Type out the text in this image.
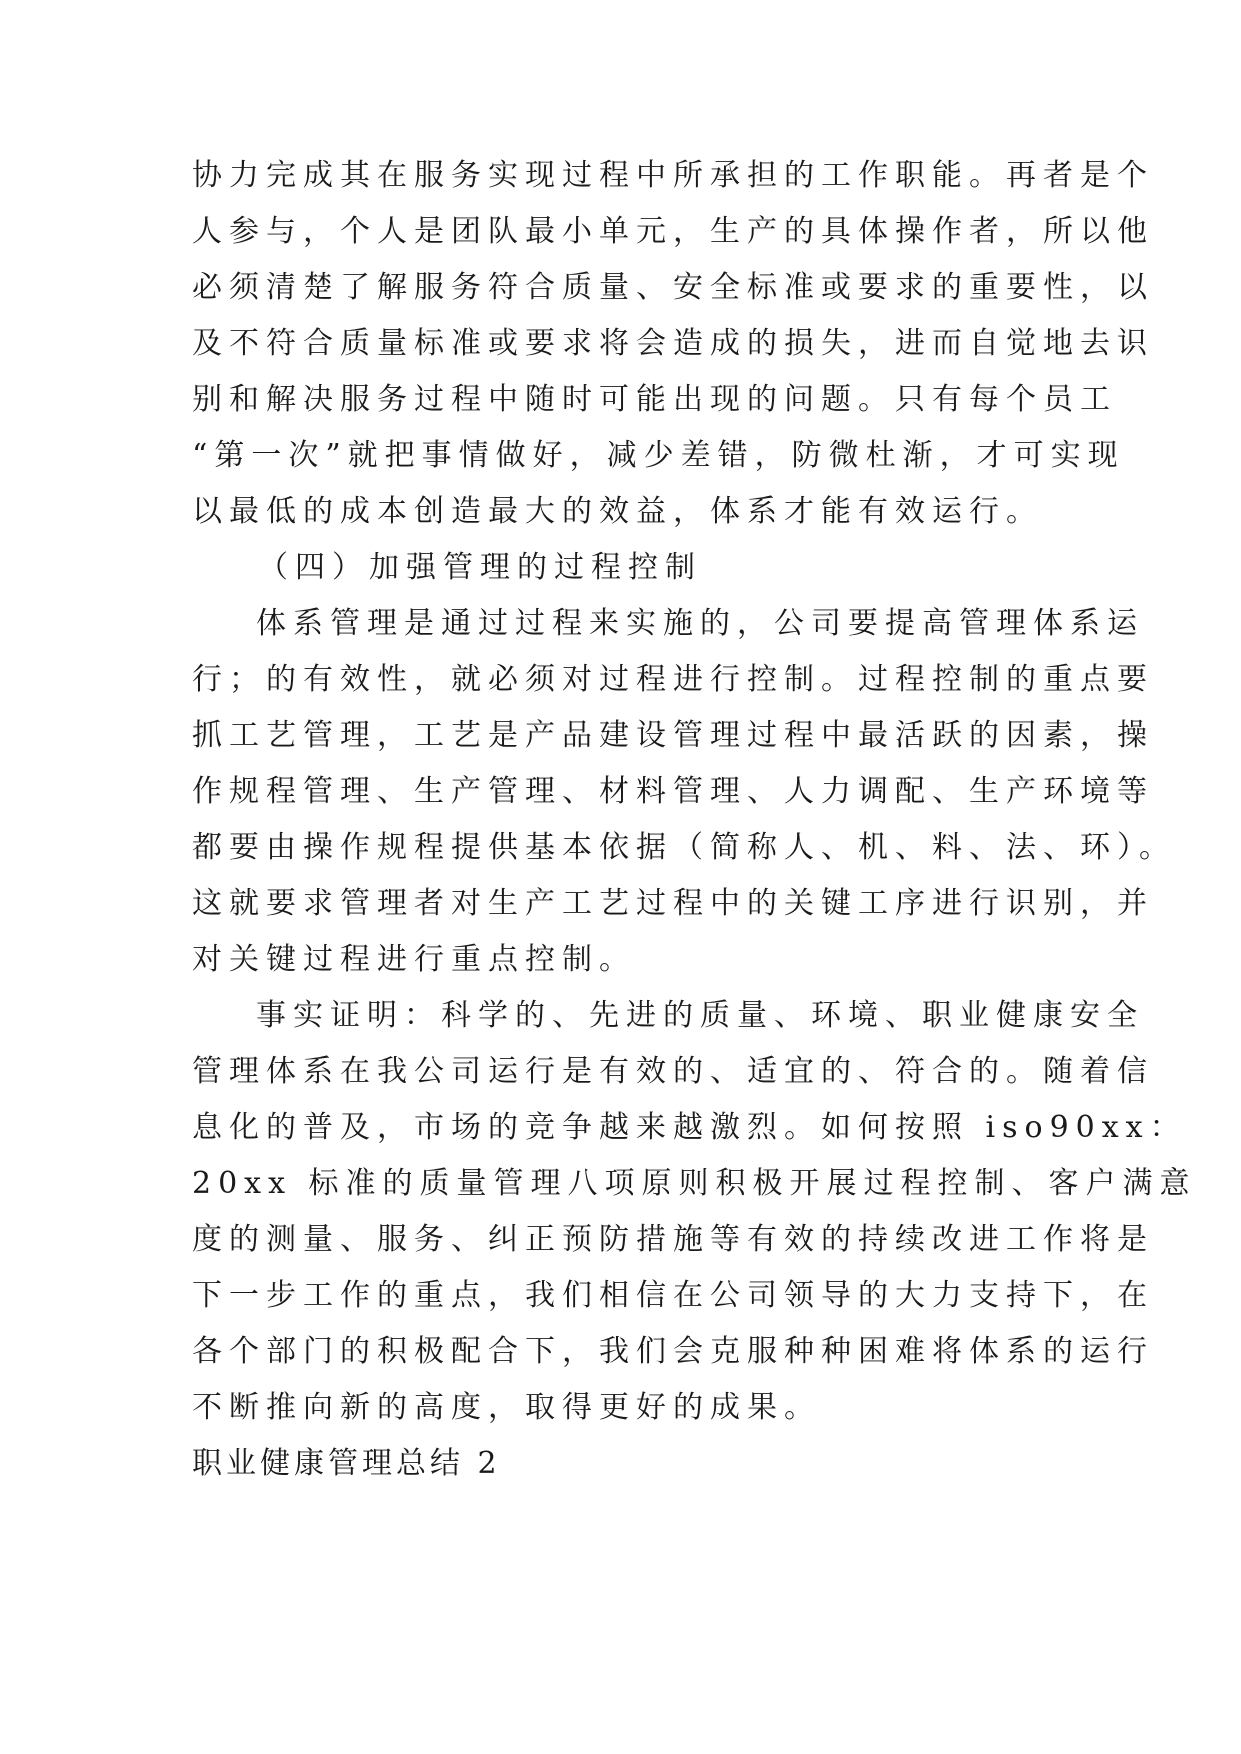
协力完成其在服务实现过程中所承担的工作职能。再者是个
人参与，个人是团队最小单元，生产的具体操作者，所以他
必须清楚了解服务符合质量、安全标准或要求的重要性，以
及不符合质量标准或要求将会造成的损失，进而自觉地去识
别和解决服务过程中随时可能出现的问题。只有每个员工
“第一次”就把事情做好，减少差错，防微杜渐，才可实现
以最低的成本创造最大的效益，体系才能有效运行。
（四）加强管理的过程控制
体系管理是通过过程来实施的，公司要提高管理体系运
行；的有效性，就必须对过程进行控制。过程控制的重点要
抓工艺管理，工艺是产品建设管理过程中最活跃的因素，操
作规程管理、生产管理、材料管理、人力调配、生产环境等
都要由操作规程提供基本依据（简称人、机、料、法、环）。
这就要求管理者对生产工艺过程中的关键工序进行识别，并
对关键过程进行重点控制。
事实证明：科学的、先进的质量、环境、职业健康安全
管理体系在我公司运行是有效的、适宜的、符合的。随着信
息化的普及，市场的竞争越来越激烈。如何按照 iso90xx：
20xx 标准的质量管理八项原则积极开展过程控制、客户满意
度的测量、服务、纠正预防措施等有效的持续改进工作将是
下一步工作的重点，我们相信在公司领导的大力支持下，在
各个部门的积极配合下，我们会克服种种困难将体系的运行
不断推向新的高度，取得更好的成果。
职业健康管理总结 2
